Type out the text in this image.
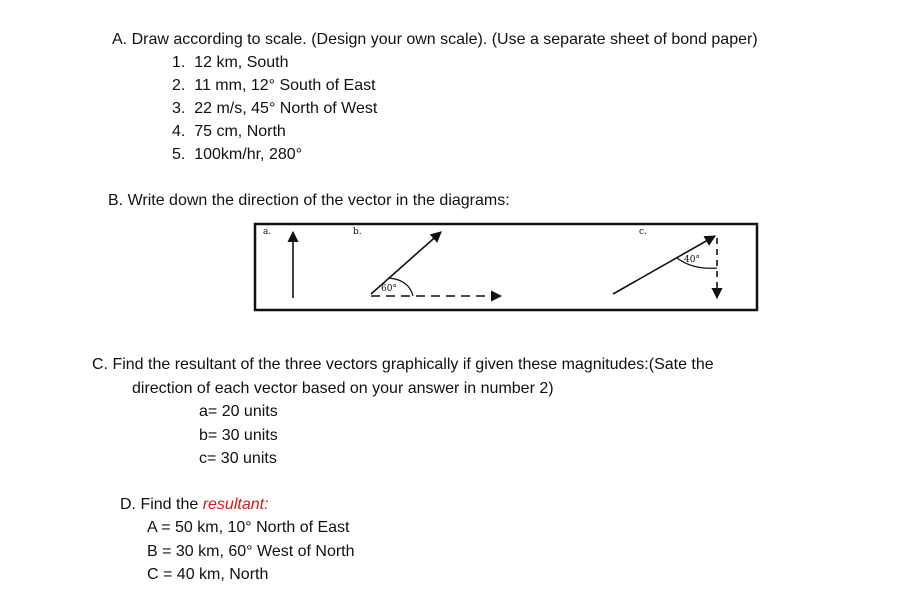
A. Draw according to scale. (Design your own scale). (Use a separate sheet of bond paper)
1. 12 km, South
2. 11 mm, 12° South of East
3. 22 m/s, 45° North of West
4. 75 cm, North
5. 100km/hr, 280°
B. Write down the direction of the vector in the diagrams:
a.	b.
60°
c.
40°
C. Find the resultant of the three vectors graphically if given these magnitudes:(Sate the
direction of each vector based on your answer in number 2)
a= 20 units
b= 30 units
c= 30 units
D. Find the resultant:
A = 50 km, 10° North of East
B = 30 km, 60° West of North
C = 40 km, North
